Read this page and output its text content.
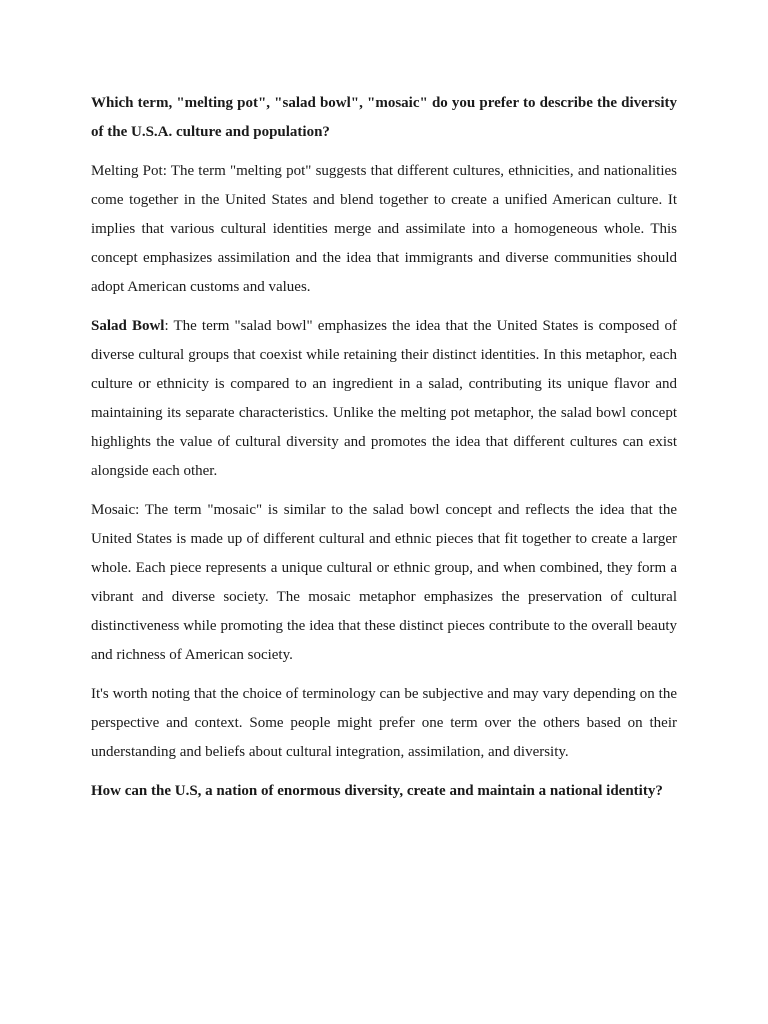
Which term, "melting pot", "salad bowl", "mosaic" do you prefer to describe the diversity of the U.S.A. culture and population?

Melting Pot: The term "melting pot" suggests that different cultures, ethnicities, and nationalities come together in the United States and blend together to create a unified American culture. It implies that various cultural identities merge and assimilate into a homogeneous whole. This concept emphasizes assimilation and the idea that immigrants and diverse communities should adopt American customs and values.

Salad Bowl: The term "salad bowl" emphasizes the idea that the United States is composed of diverse cultural groups that coexist while retaining their distinct identities. In this metaphor, each culture or ethnicity is compared to an ingredient in a salad, contributing its unique flavor and maintaining its separate characteristics. Unlike the melting pot metaphor, the salad bowl concept highlights the value of cultural diversity and promotes the idea that different cultures can exist alongside each other.

Mosaic: The term "mosaic" is similar to the salad bowl concept and reflects the idea that the United States is made up of different cultural and ethnic pieces that fit together to create a larger whole. Each piece represents a unique cultural or ethnic group, and when combined, they form a vibrant and diverse society. The mosaic metaphor emphasizes the preservation of cultural distinctiveness while promoting the idea that these distinct pieces contribute to the overall beauty and richness of American society.

It's worth noting that the choice of terminology can be subjective and may vary depending on the perspective and context. Some people might prefer one term over the others based on their understanding and beliefs about cultural integration, assimilation, and diversity.

How can the U.S, a nation of enormous diversity, create and maintain a national identity?
